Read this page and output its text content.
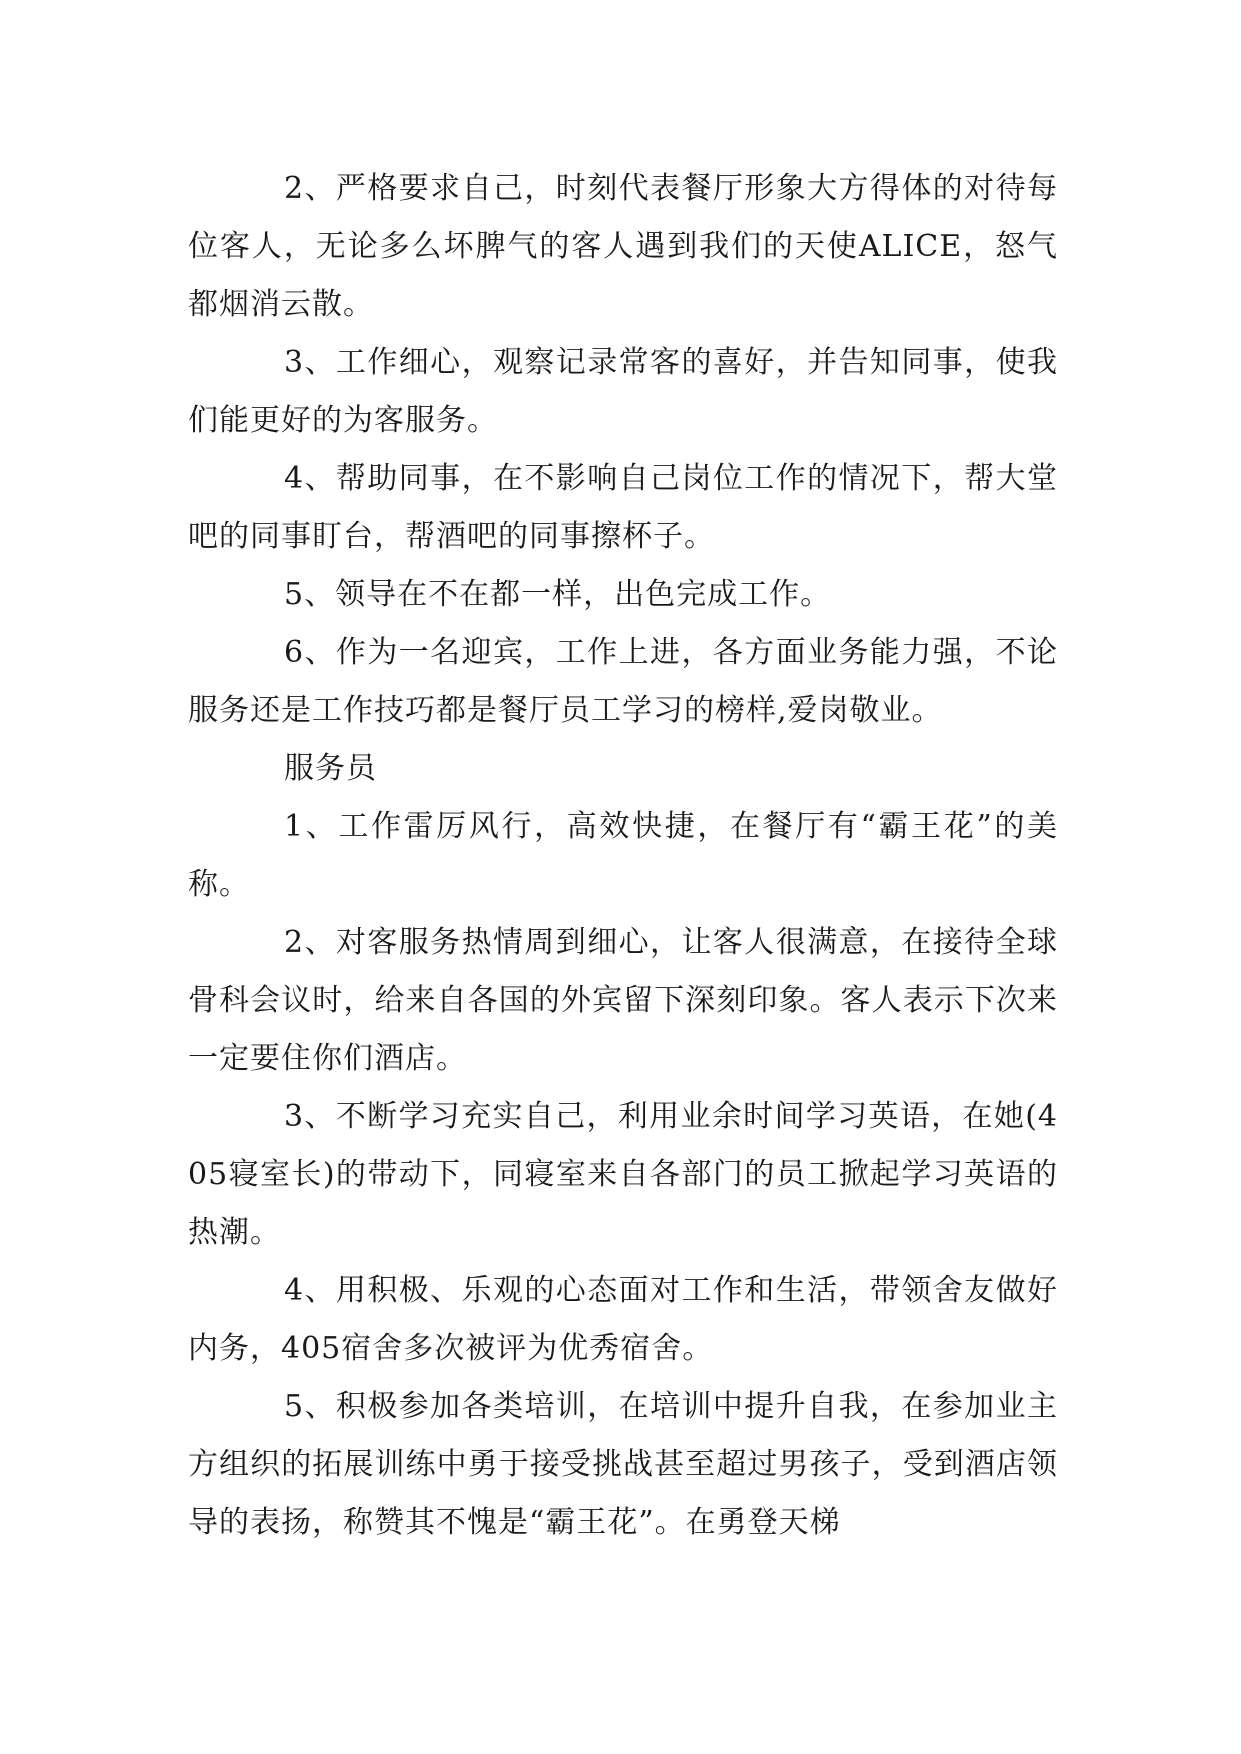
2、严格要求自己，时刻代表餐厅形象大方得体的对待每位客人，无论多么坏脾气的客人遇到我们的天使ALICE，怒气都烟消云散。

3、工作细心，观察记录常客的喜好，并告知同事，使我们能更好的为客服务。

4、帮助同事，在不影响自己岗位工作的情况下，帮大堂吧的同事盯台，帮酒吧的同事擦杯子。

5、领导在不在都一样，出色完成工作。

6、作为一名迎宾，工作上进，各方面业务能力强，不论服务还是工作技巧都是餐厅员工学习的榜样,爱岗敬业。

服务员

1、工作雷厉风行，高效快捷，在餐厅有“霸王花”的美称。

2、对客服务热情周到细心，让客人很满意，在接待全球骨科会议时，给来自各国的外宾留下深刻印象。客人表示下次来一定要住你们酒店。

3、不断学习充实自己，利用业余时间学习英语，在她(405寝室长)的带动下，同寝室来自各部门的员工掀起学习英语的热潮。

4、用积极、乐观的心态面对工作和生活，带领舍友做好内务，405宿舍多次被评为优秀宿舍。

5、积极参加各类培训，在培训中提升自我，在参加业主方组织的拓展训练中勇于接受挑战甚至超过男孩子，受到酒店领导的表扬，称赞其不愧是“霸王花”。在勇登天梯
